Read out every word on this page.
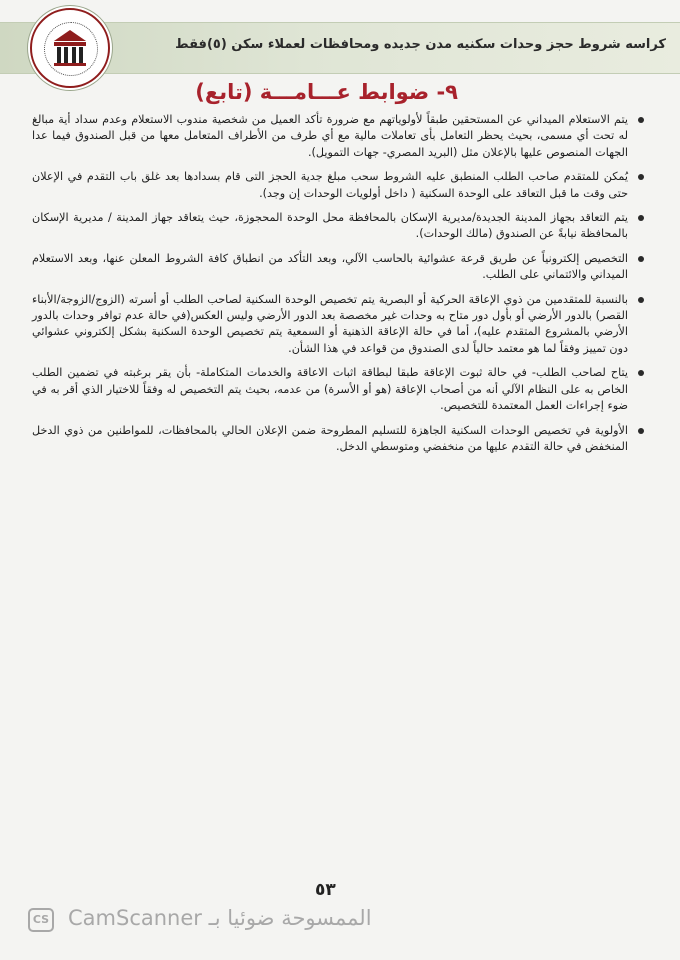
كراسه شروط حجز وحدات سكنيه مدن جديده ومحافظات لعملاء سكن (٥)فقط
٩- ضوابط عـــامـــة (تابع)
يتم الاستعلام الميداني عن المستحقين طبقاً لأولوياتهم مع ضرورة تأكد العميل من شخصية مندوب الاستعلام وعدم سداد أية مبالغ له تحت أي مسمى، بحيث يحظر التعامل بأى تعاملات مالية مع أي طرف من الأطراف المتعامل معها من قبل الصندوق فيما عدا الجهات المنصوص عليها بالإعلان مثل (البريد المصري- جهات التمويل).
يُمكن للمتقدم صاحب الطلب المنطبق عليه الشروط سحب مبلغ جدية الحجز التى قام بسدادها بعد غلق باب التقدم في الإعلان حتى وقت ما قبل التعاقد على الوحدة السكنية ( داخل أولويات الوحدات إن وجد).
يتم التعاقد بجهاز المدينة الجديدة/مديرية الإسكان بالمحافظة محل الوحدة المحجوزة، حيث يتعاقد جهاز المدينة / مديرية الإسكان بالمحافظة نيابةً عن الصندوق (مالك الوحدات).
التخصيص إلكترونياً عن طريق قرعة عشوائية بالحاسب الآلي، وبعد التأكد من انطباق كافة الشروط المعلن عنها، وبعد الاستعلام الميداني والائتماني على الطلب.
بالنسبة للمتقدمين من ذوي الإعاقة الحركية أو البصرية يتم تخصيص الوحدة السكنية لصاحب الطلب أو أسرته (الزوج/الزوجة/الأبناء القصر) بالدور الأرضي أو بأول دور متاح به وحدات غير مخصصة بعد الدور الأرضي وليس العكس(في حالة عدم توافر وحدات بالدور الأرضي بالمشروع المتقدم عليه)، أما في حالة الإعاقة الذهنية أو السمعية يتم تخصيص الوحدة السكنية بشكل إلكتروني عشوائي دون تمييز وفقاً لما هو معتمد حالياً لدى الصندوق من قواعد في هذا الشأن.
يتاح لصاحب الطلب- في حالة ثبوت الإعاقة طبقا لبطاقة اثبات الاعاقة والخدمات المتكاملة- بأن يقر برغبته في تضمين الطلب الخاص به على النظام الآلي أنه من أصحاب الإعاقة (هو أو الأسرة) من عدمه، بحيث يتم التخصيص له وفقاً للاختيار الذي أقر به في ضوء إجراءات العمل المعتمدة للتخصيص.
الأولوية في تخصيص الوحدات السكنية الجاهزة للتسليم المطروحة ضمن الإعلان الحالي بالمحافظات، للمواطنين من ذوي الدخل المنخفض في حالة التقدم عليها من منخفضي ومتوسطي الدخل.
٥٣
CS الممسوحة ضوئيا بـ CamScanner
